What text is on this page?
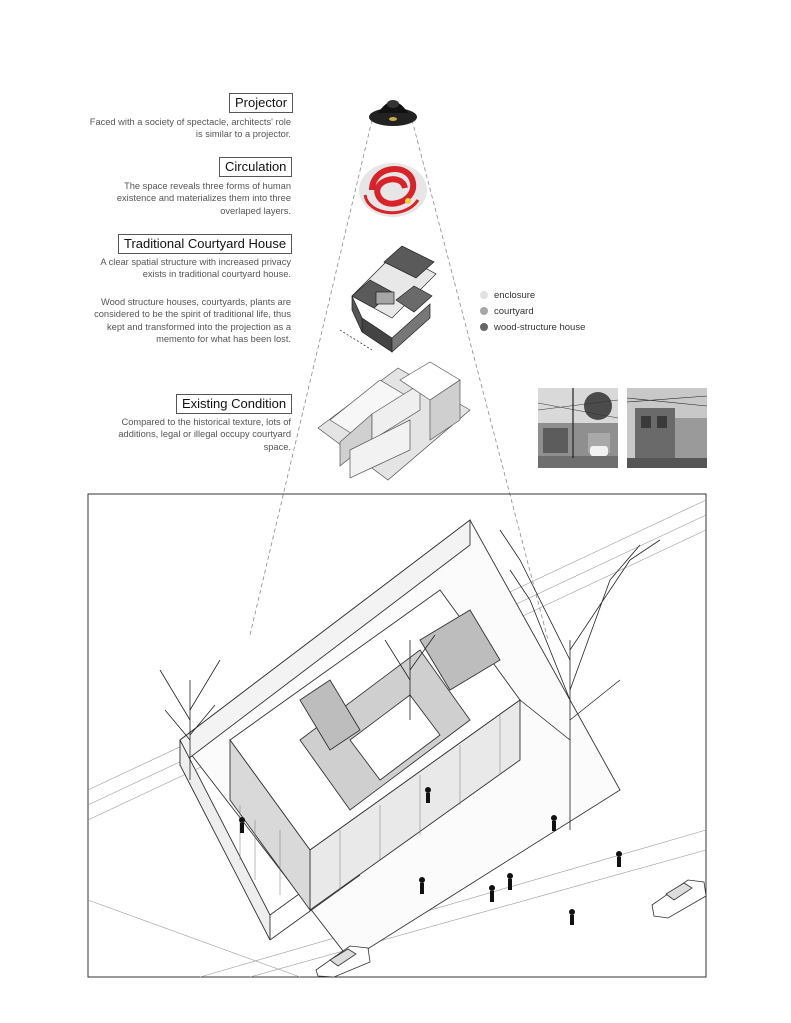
Projector
Faced with a society of spectacle, architects' role is similar to a projector.
Circulation
The space reveals three forms of human existence and materializes them into three overlaped layers.
Traditional Courtyard House
A clear spatial structure with increased privacy exists in traditional courtyard house.
Wood structure houses, courtyards, plants are considered to be the spirit of traditional life, thus kept and transformed into the projection as a memento for what has been lost.
Existing Condition
Compared to the historical texture, lots of additions, legal or illegal occupy courtyard space.
enclosure
courtyard
wood-structure house
